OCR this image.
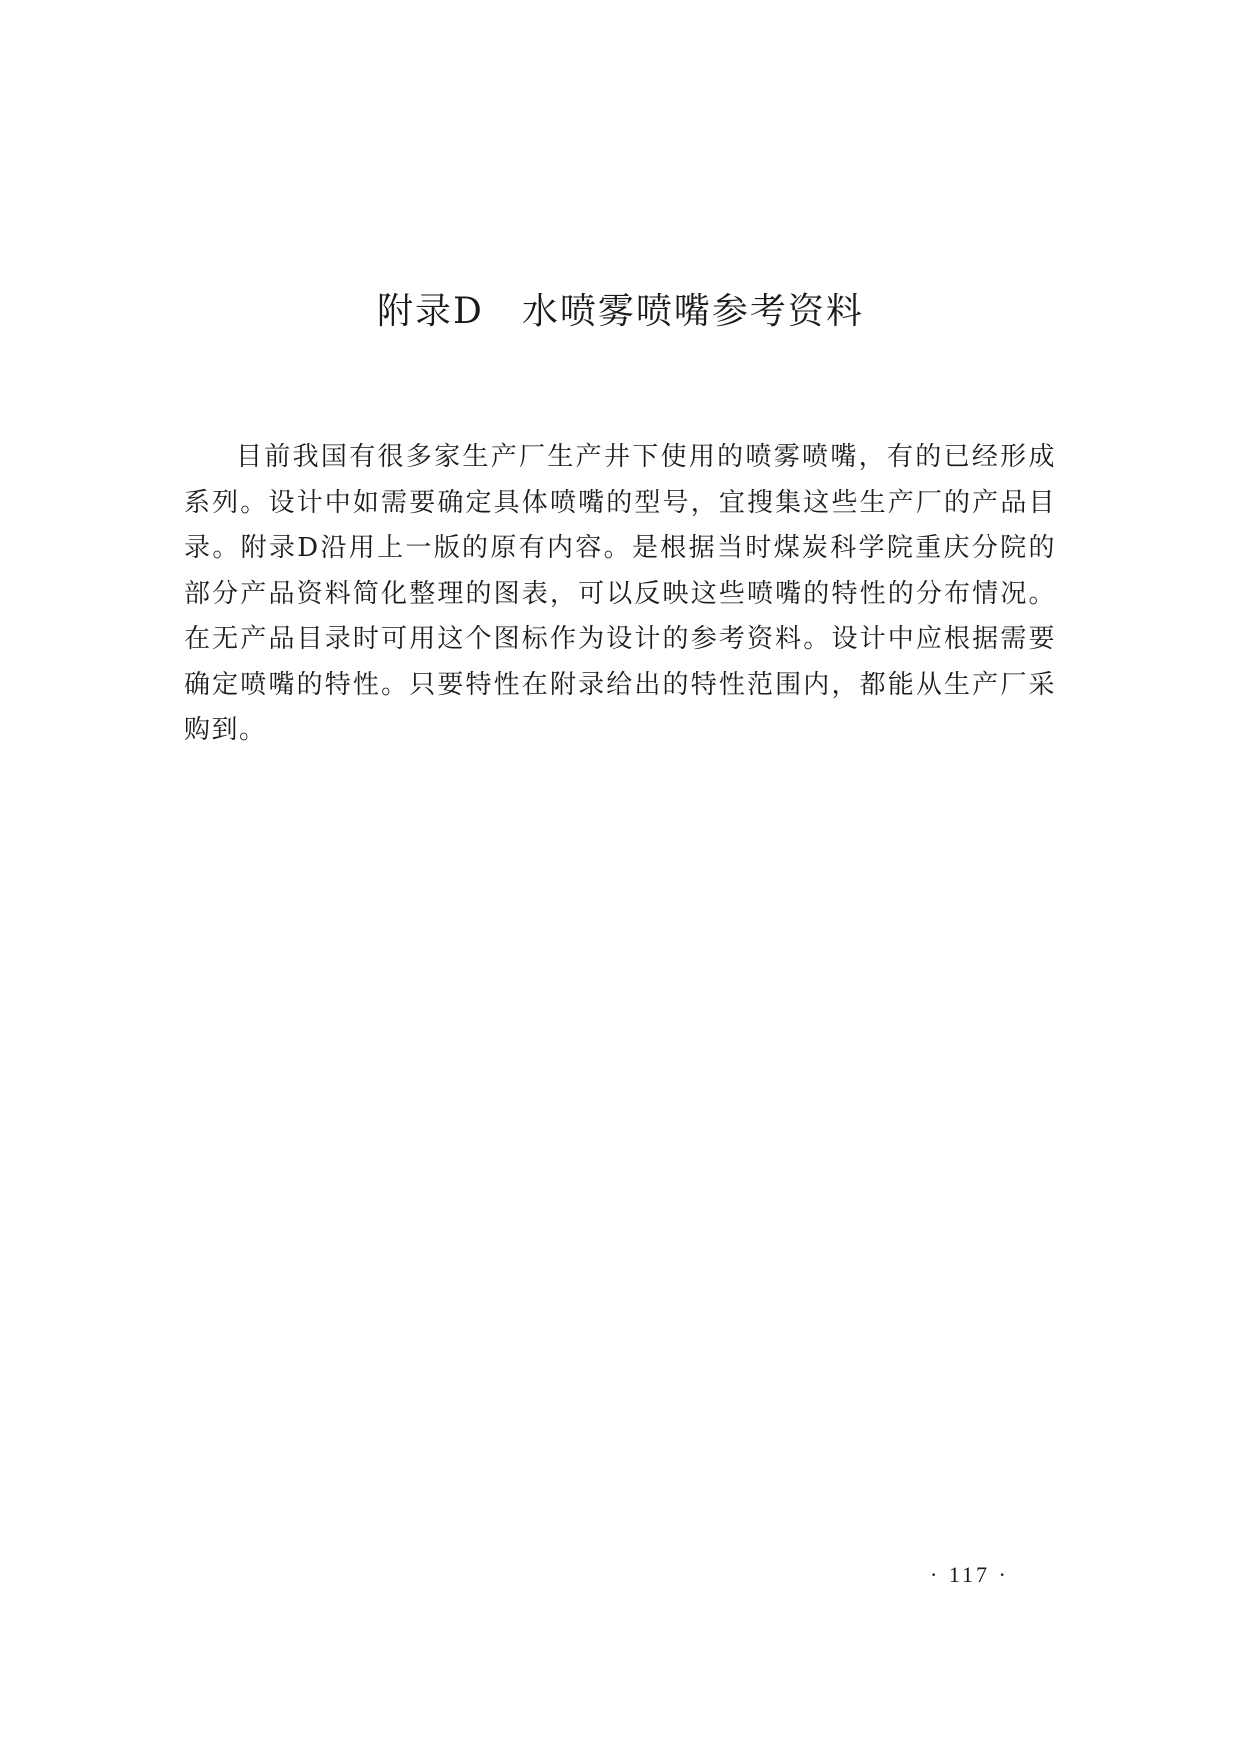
附录D 水喷雾喷嘴参考资料

目前我国有很多家生产厂生产井下使用的喷雾喷嘴，有的已经形成系列。设计中如需要确定具体喷嘴的型号，宜搜集这些生产厂的产品目录。附录D沿用上一版的原有内容。是根据当时煤炭科学院重庆分院的部分产品资料简化整理的图表，可以反映这些喷嘴的特性的分布情况。在无产品目录时可用这个图标作为设计的参考资料。设计中应根据需要确定喷嘴的特性。只要特性在附录给出的特性范围内，都能从生产厂采购到。

· 117 ·
